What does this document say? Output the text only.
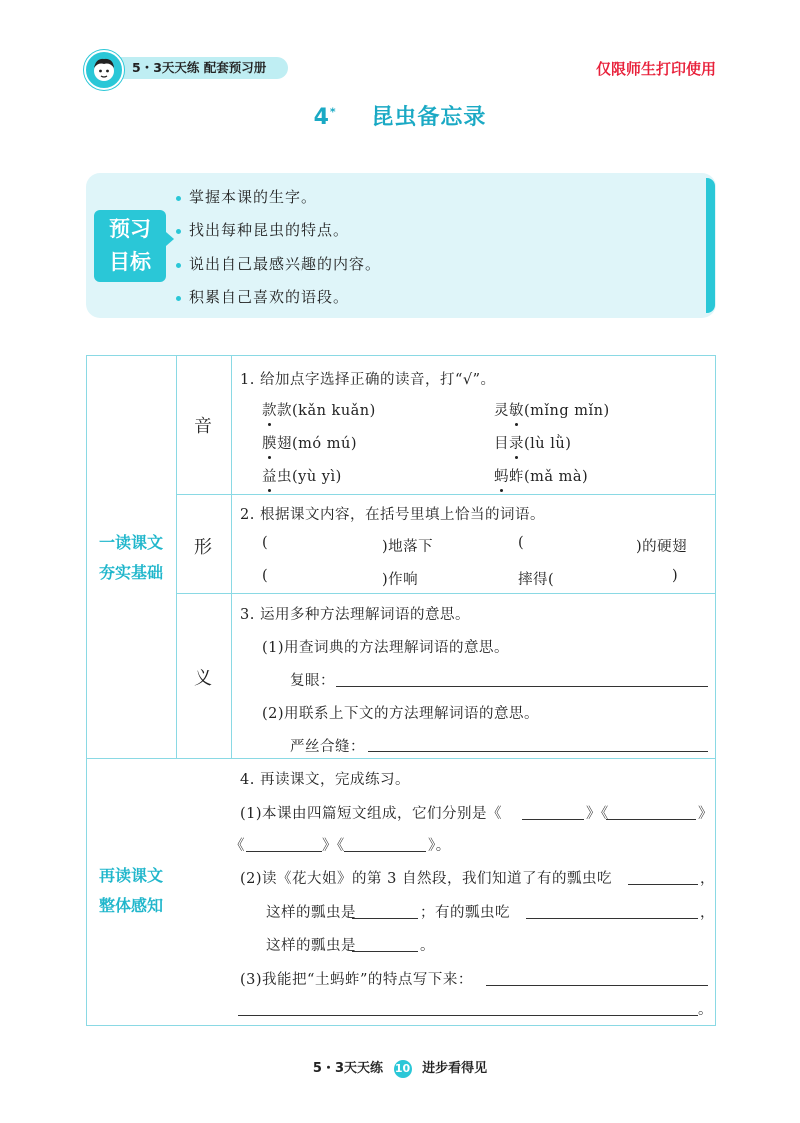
5・3天天练 配套预习册	仅限师生打印使用
4* 昆虫备忘录
预习
目标
掌握本课的生字。
找出每种昆虫的特点。
说出自己最感兴趣的内容。
积累自己喜欢的语段。
一读课文
夯实基础
再读课文
整体感知
音
1. 给加点字选择正确的读音，打“√”。
款款(kǎn kuǎn)	灵敏(mǐng mǐn)
膜翅(mó mú)	目录(lù lǜ)
益虫(yù yì)	蚂蚱(mǎ mà)
形
2. 根据课文内容，在括号里填上恰当的词语。
(	)地落下	(	)的硬翅
(	)作响	摔得(	)
义
3. 运用多种方法理解词语的意思。
(1)用查词典的方法理解词语的意思。
复眼：
(2)用联系上下文的方法理解词语的意思。
严丝合缝：
4. 再读课文，完成练习。
(1)本课由四篇短文组成，它们分别是《	》《	》
《	》《	》。
(2)读《花大姐》的第 3 自然段，我们知道了有的瓢虫吃	，
这样的瓢虫是	；有的瓢虫吃	，
这样的瓢虫是	。
(3)我能把“土蚂蚱”的特点写下来：
。
5・3天天练 10 进步看得见
